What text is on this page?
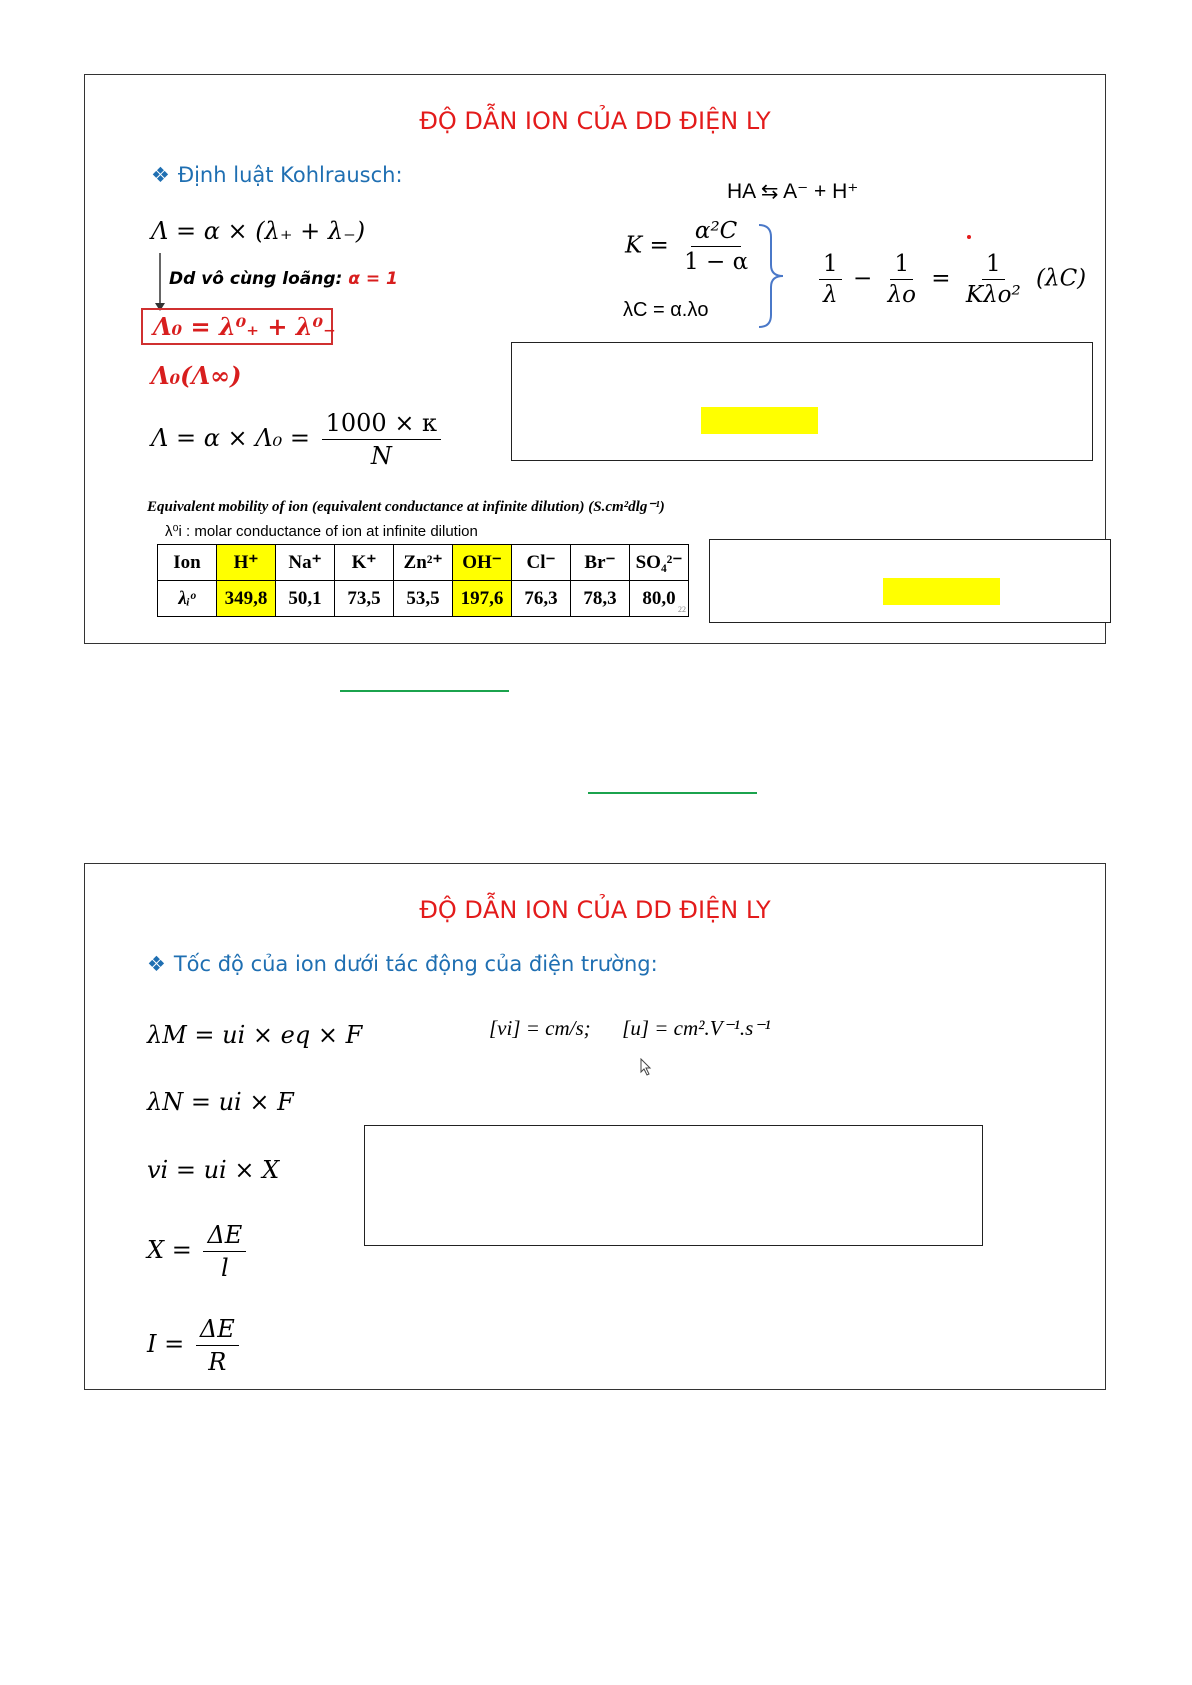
ĐỘ DẪN ION CỦA DD ĐIỆN LY
❖ Định luật Kohlrausch:
Λ = α × (λ₊ + λ₋)
Dd vô cùng loãng: α = 1
Λ₀ = λ⁰₊ + λ⁰₋
Λ₀(Λ∞)
$\Lambda = \alpha \times \Lambda_0 = \frac{1000 \times \kappa}{N}$
HA ⇆ A⁻ + H⁺
$K = \frac{\text{α²C}}{1 - \alpha}$
λC = α.λo
$\frac{1}{\lambda} - \frac{1}{\lambda o} = \frac{1}{\text{Kλo²}} (\lambda C)$
Equivalent mobility of ion (equivalent conductance at infinite dilution) (S.cm²dlg⁻¹)
λ⁰i : molar conductance of ion at infinite dilution
Ion	H⁺	Na⁺	K⁺	Zn²⁺	OH⁻	Cl⁻	Br⁻	SO₄²⁻
λᵢᵒ	349,8	50,1	73,5	53,5	197,6	76,3	78,3	80,0
22
ĐỘ DẪN ION CỦA DD ĐIỆN LY
❖ Tốc độ của ion dưới tác động của điện trường:
λM = ui × eq × F	[vi] = cm/s;      [u] = cm².V⁻¹.s⁻¹
λN = ui × F
vi = ui × X
$X = \frac{\Delta E}{l}$
$I = \frac{\Delta E}{R}$
